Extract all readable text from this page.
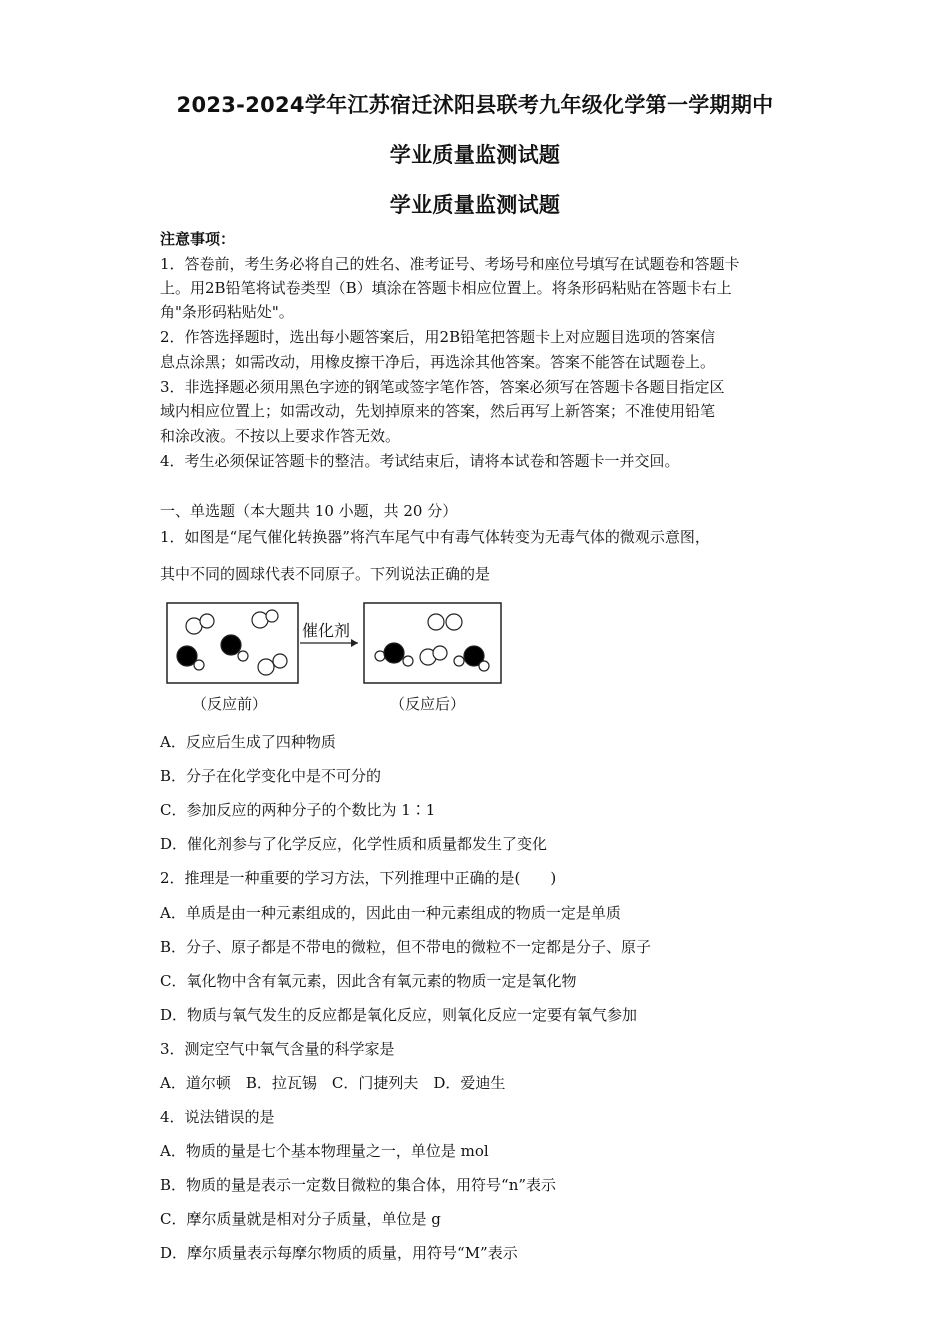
2023-2024学年江苏宿迁沭阳县联考九年级化学第一学期期中
学业质量监测试题
学业质量监测试题
注意事项：
1．答卷前，考生务必将自己的姓名、准考证号、考场号和座位号填写在试题卷和答题卡
上。用2B铅笔将试卷类型（B）填涂在答题卡相应位置上。将条形码粘贴在答题卡右上
角"条形码粘贴处"。
2．作答选择题时，选出每小题答案后，用2B铅笔把答题卡上对应题目选项的答案信
息点涂黑；如需改动，用橡皮擦干净后，再选涂其他答案。答案不能答在试题卷上。
3．非选择题必须用黑色字迹的钢笔或签字笔作答，答案必须写在答题卡各题目指定区
域内相应位置上；如需改动，先划掉原来的答案，然后再写上新答案；不准使用铅笔
和涂改液。不按以上要求作答无效。
4．考生必须保证答题卡的整洁。考试结束后，请将本试卷和答题卡一并交回。
一、单选题（本大题共 10 小题，共 20 分）
1．如图是“尾气催化转换器”将汽车尾气中有毒气体转变为无毒气体的微观示意图，
其中不同的圆球代表不同原子。下列说法正确的是
催化剂
（反应前）	（反应后）
A．反应后生成了四种物质
B．分子在化学变化中是不可分的
C．参加反应的两种分子的个数比为 1∶1
D．催化剂参与了化学反应，化学性质和质量都发生了变化
2．推理是一种重要的学习方法，下列推理中正确的是(　　)
A．单质是由一种元素组成的，因此由一种元素组成的物质一定是单质
B．分子、原子都是不带电的微粒，但不带电的微粒不一定都是分子、原子
C．氧化物中含有氧元素，因此含有氧元素的物质一定是氧化物
D．物质与氧气发生的反应都是氧化反应，则氧化反应一定要有氧气参加
3．测定空气中氧气含量的科学家是
A．道尔顿　B．拉瓦锡　C．门捷列夫　D．爱迪生
4．说法错误的是
A．物质的量是七个基本物理量之一，单位是 mol
B．物质的量是表示一定数目微粒的集合体，用符号“n”表示
C．摩尔质量就是相对分子质量，单位是 g
D．摩尔质量表示每摩尔物质的质量，用符号“M”表示
